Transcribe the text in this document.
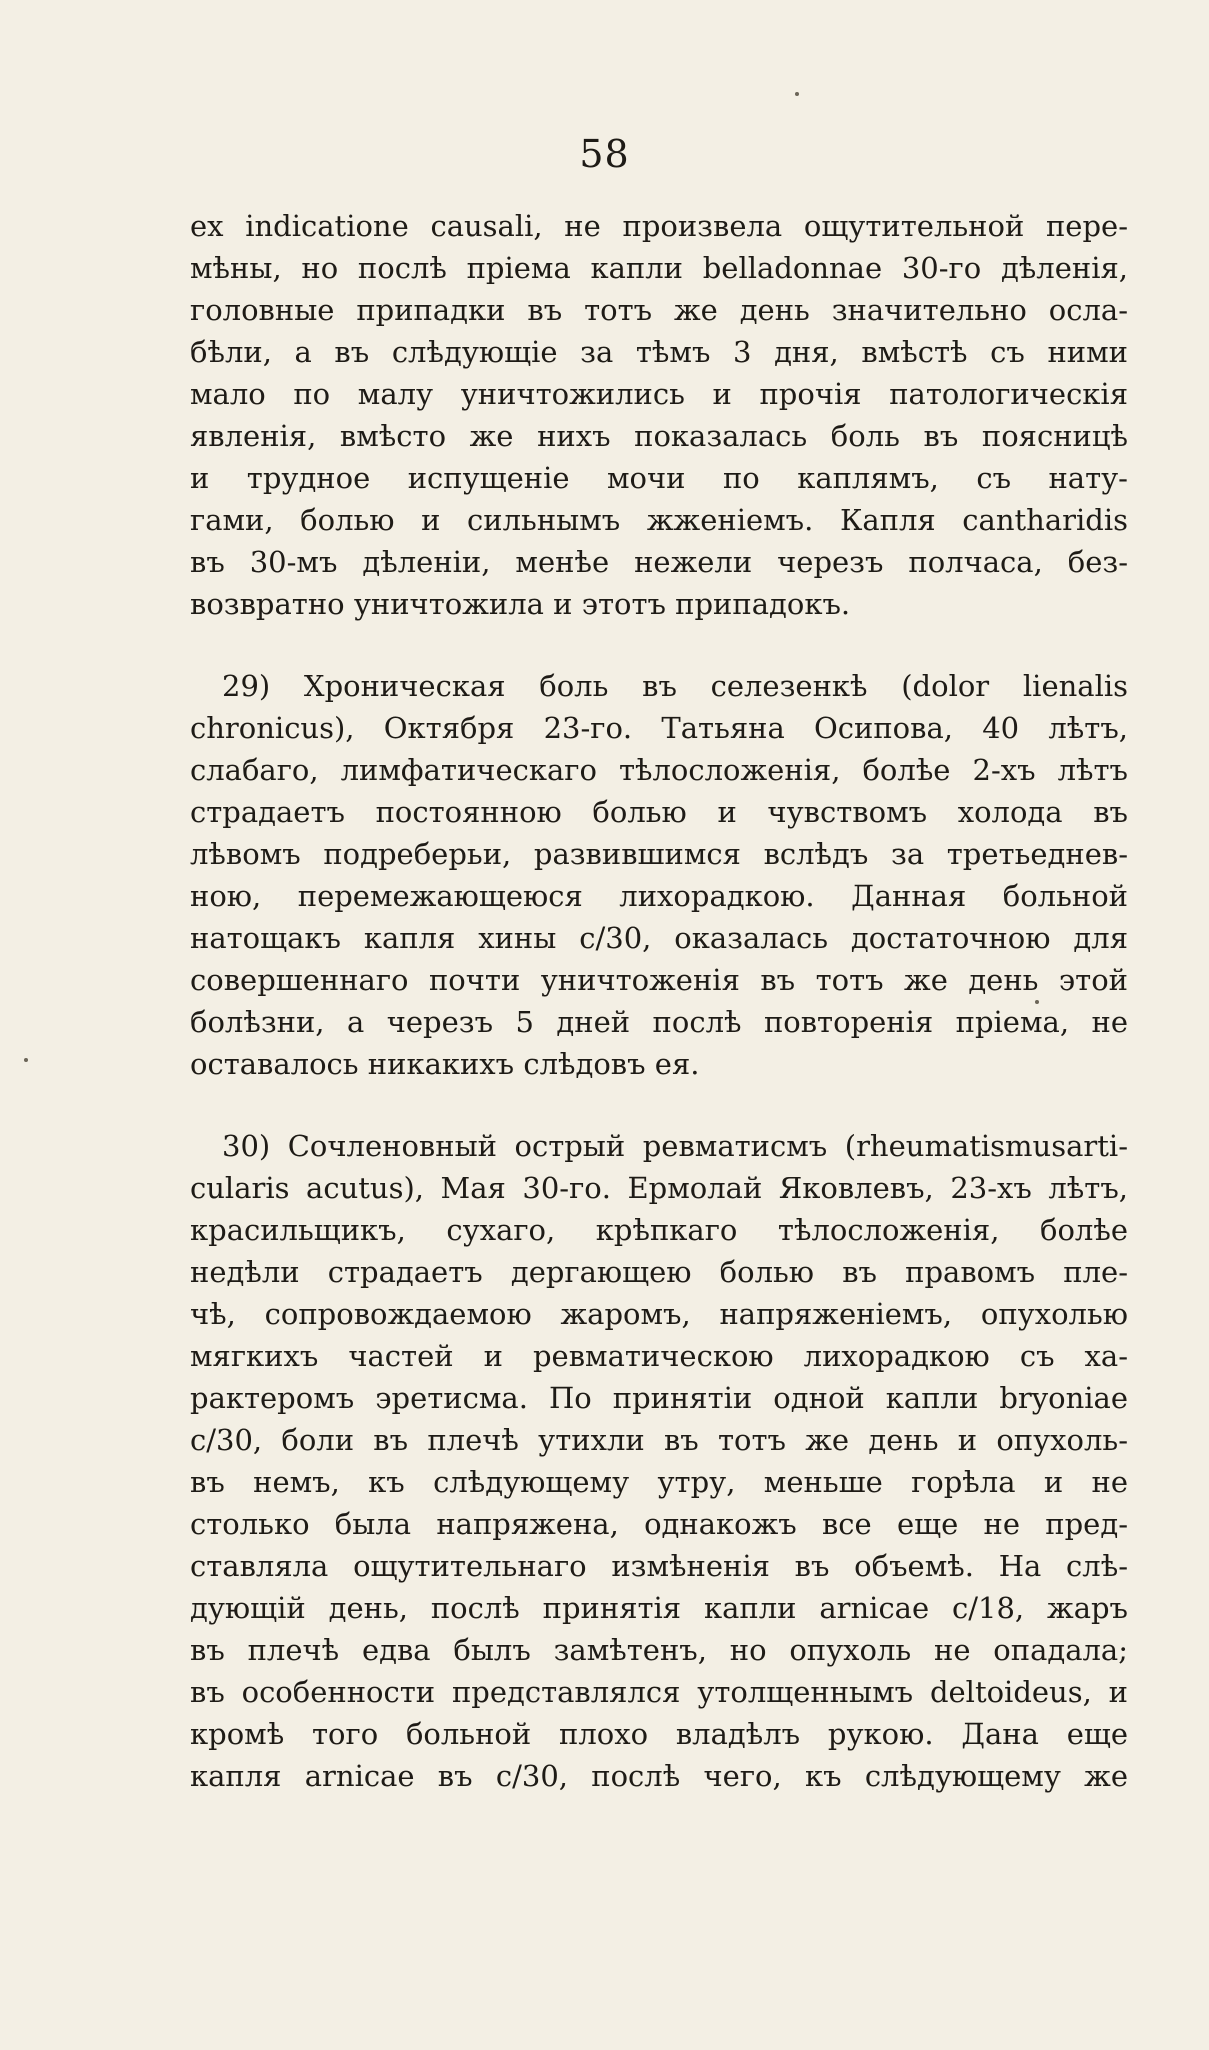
58
ex indicatione causali, не произвела ощутительной пере-
мѣны, но послѣ пріема капли belladonnae 30-го дѣленія,
головные припадки въ тотъ же день значительно осла-
бѣли, а въ слѣдующіе за тѣмъ 3 дня, вмѣстѣ съ ними
мало по малу уничтожились и прочія патологическія
явленія, вмѣсто же нихъ показалась боль въ поясницѣ
и трудное испущеніе мочи по каплямъ, съ нату-
гами, болью и сильнымъ жженіемъ. Капля cantharidis
въ 30-мъ дѣленіи, менѣе нежели черезъ полчаса, без-
возвратно уничтожила и этотъ припадокъ.
29) Хроническая боль въ селезенкѣ (dolor lienalis
chronicus), Октября 23-го. Татьяна Осипова, 40 лѣтъ,
слабаго, лимфатическаго тѣлосложенія, болѣе 2-хъ лѣтъ
страдаетъ постоянною болью и чувствомъ холода въ
лѣвомъ подреберьи, развившимся вслѣдъ за третьеднев-
ною, перемежающеюся лихорадкою. Данная больной
натощакъ капля хины c/30, оказалась достаточною для
совершеннаго почти уничтоженія въ тотъ же день этой
болѣзни, а черезъ 5 дней послѣ повторенія пріема, не
оставалось никакихъ слѣдовъ ея.
30) Сочленовный острый ревматисмъ (rheumatismusarti-
cularis acutus), Мая 30-го. Ермолай Яковлевъ, 23-хъ лѣтъ,
красильщикъ, сухаго, крѣпкаго тѣлосложенія, болѣе
недѣли страдаетъ дергающею болью въ правомъ пле-
чѣ, сопровождаемою жаромъ, напряженіемъ, опухолью
мягкихъ частей и ревматическою лихорадкою съ ха-
рактеромъ эретисма. По принятіи одной капли bryoniae
c/30, боли въ плечѣ утихли въ тотъ же день и опухоль-
въ немъ, къ слѣдующему утру, меньше горѣла и не
столько была напряжена, однакожъ все еще не пред-
ставляла ощутительнаго измѣненія въ объемѣ. На слѣ-
дующій день, послѣ принятія капли arnicae c/18, жаръ
въ плечѣ едва былъ замѣтенъ, но опухоль не опадала;
въ особенности представлялся утолщеннымъ deltoideus, и
кромѣ того больной плохо владѣлъ рукою. Дана еще
капля arnicae въ c/30, послѣ чего, къ слѣдующему же
